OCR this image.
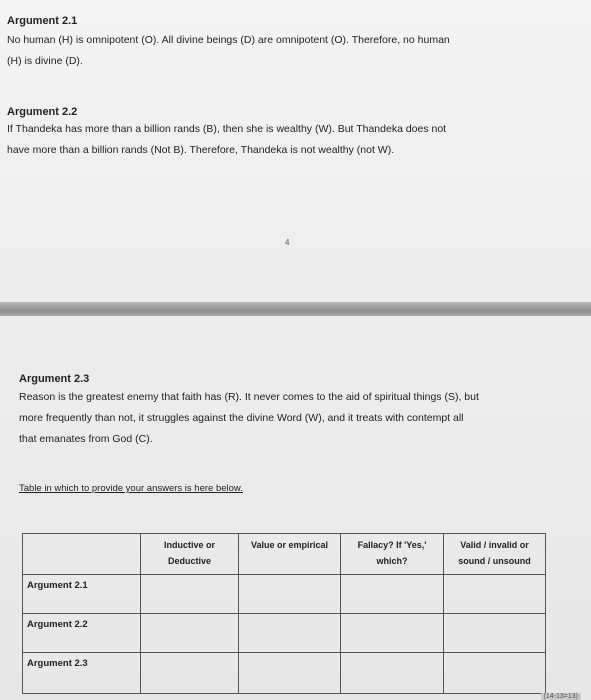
Argument 2.1
No human (H) is omnipotent (O). All divine beings (D) are omnipotent (O). Therefore, no human
(H) is divine (D).
Argument 2.2
If Thandeka has more than a billion rands (B), then she is wealthy (W). But Thandeka does not
have more than a billion rands (Not B). Therefore, Thandeka is not wealthy (not W).
4
Argument 2.3
Reason is the greatest enemy that faith has (R). It never comes to the aid of spiritual things (S), but
more frequently than not, it struggles against the divine Word (W), and it treats with contempt all
that emanates from God (C).
Table in which to provide your answers is here below.
	Inductive or Deductive	Value or empirical	Fallacy? If 'Yes,' which?	Valid / invalid or sound / unsound
Argument 2.1				
Argument 2.2				
Argument 2.3				
(14-13=13)
